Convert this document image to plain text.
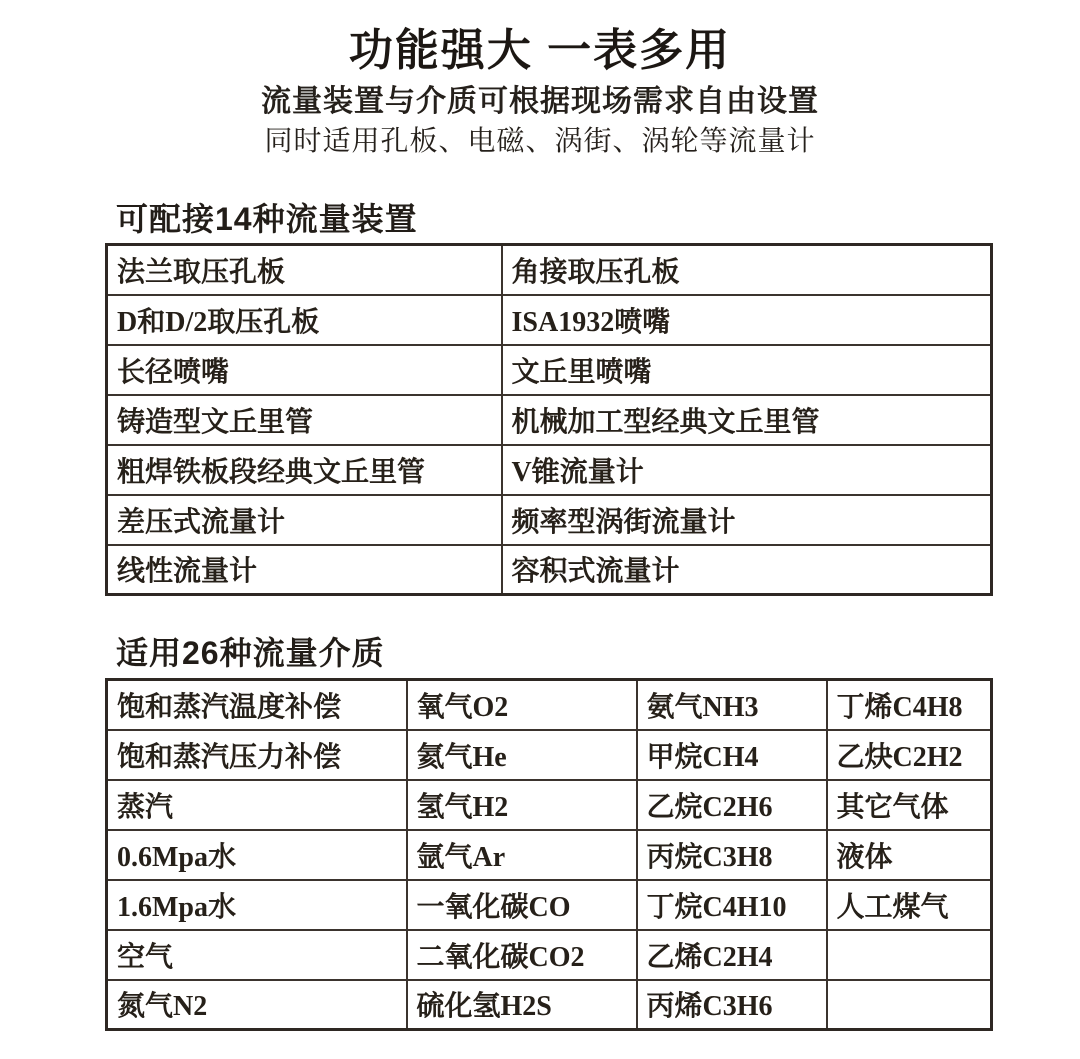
功能强大 一表多用
流量装置与介质可根据现场需求自由设置
同时适用孔板、电磁、涡街、涡轮等流量计
可配接14种流量装置
法兰取压孔板	角接取压孔板
D和D/2取压孔板	ISA1932喷嘴
长径喷嘴	文丘里喷嘴
铸造型文丘里管	机械加工型经典文丘里管
粗焊铁板段经典文丘里管	V锥流量计
差压式流量计	频率型涡街流量计
线性流量计	容积式流量计
适用26种流量介质
饱和蒸汽温度补偿	氧气O2	氨气NH3	丁烯C4H8
饱和蒸汽压力补偿	氦气He	甲烷CH4	乙炔C2H2
蒸汽	氢气H2	乙烷C2H6	其它气体
0.6Mpa水	氩气Ar	丙烷C3H8	液体
1.6Mpa水	一氧化碳CO	丁烷C4H10	人工煤气
空气	二氧化碳CO2	乙烯C2H4	
氮气N2	硫化氢H2S	丙烯C3H6	
